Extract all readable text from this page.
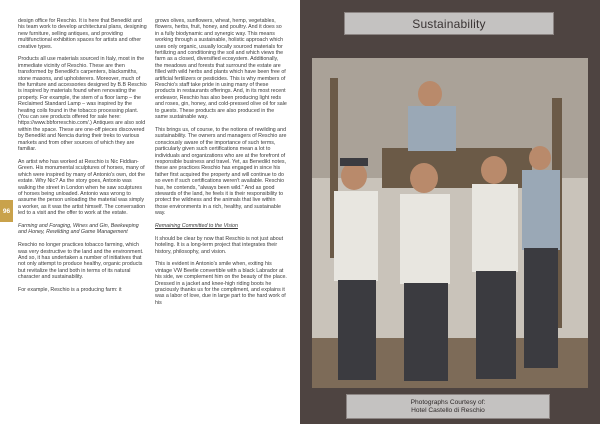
96

design office for Reschio. It is here that Benedikt and his team work to develop architectural plans, designing new furniture, selling antiques, and providing multifunctional exhibition spaces for artists and other creative types.

Products all use materials sourced in Italy, most in the immediate vicinity of Reschio. These are then transformed by Benedikt's carpenters, blacksmiths, stone masons, and upholsterers. Moreover, much of the furniture and accessories designed by B.B Reschio is inspired by materials found when renovating the property. For example, the stem of a floor lamp – the Reclaimed Standard Lamp – was inspired by the heating coils found in the tobacco processing plant. (You can see products offered for sale here: https://www.bbforreschio.com/.) Antiques are also sold within the space. These are one-off pieces discovered by Benedikt and Nencia during their treks to various markets and from other sources of which they are familiar.

An artist who has worked at Reschio is Nic Fiddian-Green. His monumental sculptures of horses, many of which were inspired by many of Antonio's own, dot the estate. Why Nic? As the story goes, Antonio was walking the street in London when he saw sculptures of horses being unloaded. Antonio was wrong to assume the person unloading the material was simply a worker, as it was the artist himself. The conversation led to a visit and the offer to work at the estate.

Farming and Foraging, Wines and Gin, Beekeeping and Honey, Rewilding and Game Management

Reschio no longer practices tobacco farming, which was very destructive to the land and the environment. And so, it has undertaken a number of initiatives that not only attempt to produce healthy, organic products but revitalize the land both in terms of its natural character and sustainability.

For example, Reschio is a producing farm: it

grows olives, sunflowers, wheat, hemp, vegetables, flowers, herbs, fruit, honey, and poultry. And it does so in a fully biodynamic and synergic way. This means working through a sustainable, holistic approach which uses only organic, usually locally sourced materials for fertilizing and conditioning the soil and which views the farm as a closed, diversified ecosystem. Additionally, the meadows and forests that surround the estate are filled with wild herbs and plants which have been free of artificial fertilizers or pesticides. This is why members of Reschio's staff take pride in using many of these products in restaurants offerings. And, in its most recent endeavor, Reschio has also been producing light reds and roses, gin, honey, and cold-pressed olive oil for sale to guests. These products are also produced in the same sustainable way.

This brings us, of course, to the notions of rewilding and sustainability. The owners and managers of Reschio are consciously aware of the importance of such terms, particularly given such certifications mean a lot to individuals and organizations who are at the forefront of responsible business and travel. Yet, as Benedikt notes, these are practices Reschio has engaged in since his father first acquired the property and will continue to do so even if such certifications weren't available. Reschio has, he contends, "always been wild." And as good stewards of the land, he feels it is their responsibility to protect the wildness and the animals that live within those environments in a rich, healthy, and sustainable way.

Remaining Committed to the Vision

It should be clear by now that Reschio is not just about hoteling. It is a long-term project that integrates their history, philosophy, and vision.

This is evident in Antonio's smile when, exiting his vintage VW Beetle convertible with a black Labrador at his side, we complement him on the beauty of the place. Dressed in a jacket and knee-high riding boots he graciously thanks us for the compliment, and explains it was a labor of love, due in large part to the hard work of his

Sustainability
Photographs Courtesy of:
Hotel Castello di Reschio
